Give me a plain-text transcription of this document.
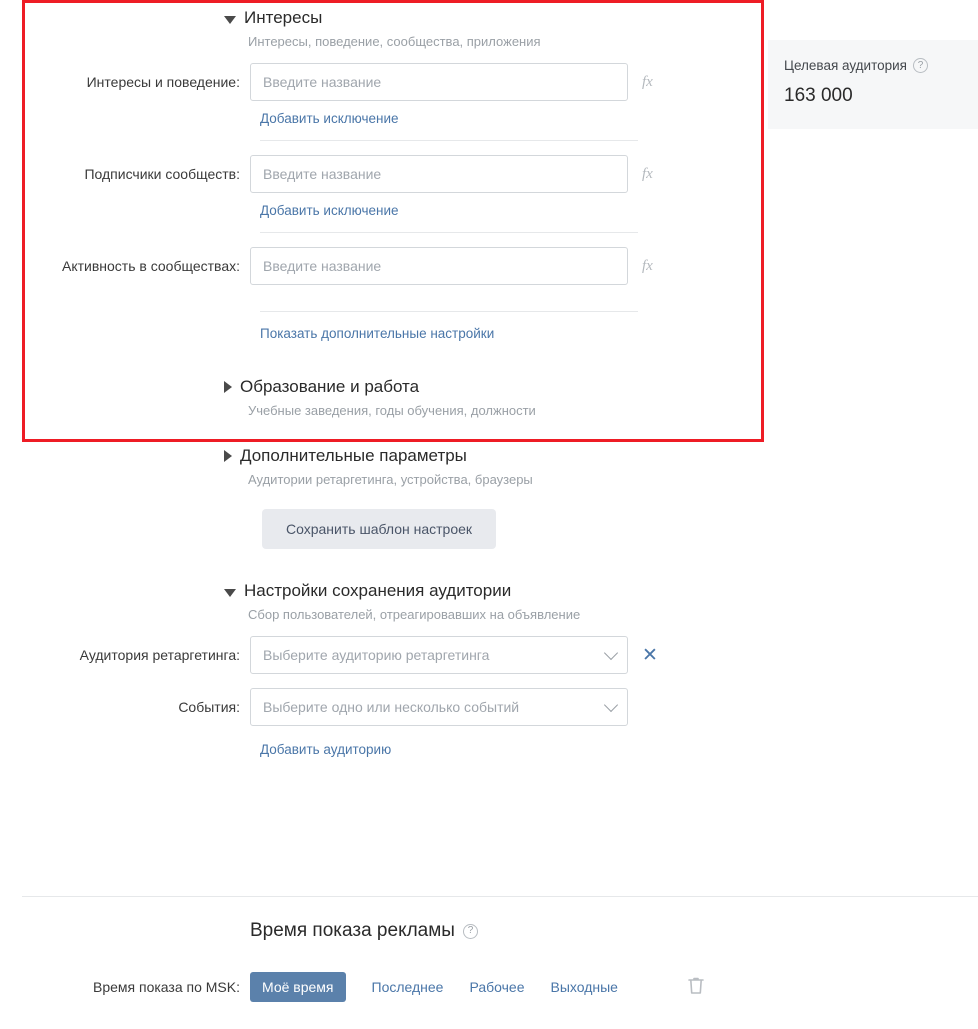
Целевая аудитория	?
163 000
Интересы
Интересы, поведение, сообщества, приложения
Интересы и поведение:
Введите название	fx
Добавить исключение
Подписчики сообществ:
Введите название	fx
Добавить исключение
Активность в сообществах:
Введите название	fx
Показать дополнительные настройки
Образование и работа
Учебные заведения, годы обучения, должности
Дополнительные параметры
Аудитории ретаргетинга, устройства, браузеры
Сохранить шаблон настроек
Настройки сохранения аудитории
Сбор пользователей, отреагировавших на объявление
Аудитория ретаргетинга:	Выберите аудиторию ретаргетинга	✕
События:	Выберите одно или несколько событий
Добавить аудиторию
Время показа рекламы	?
Время показа по MSK:	Моё время	Последнее Рабочее Выходные
